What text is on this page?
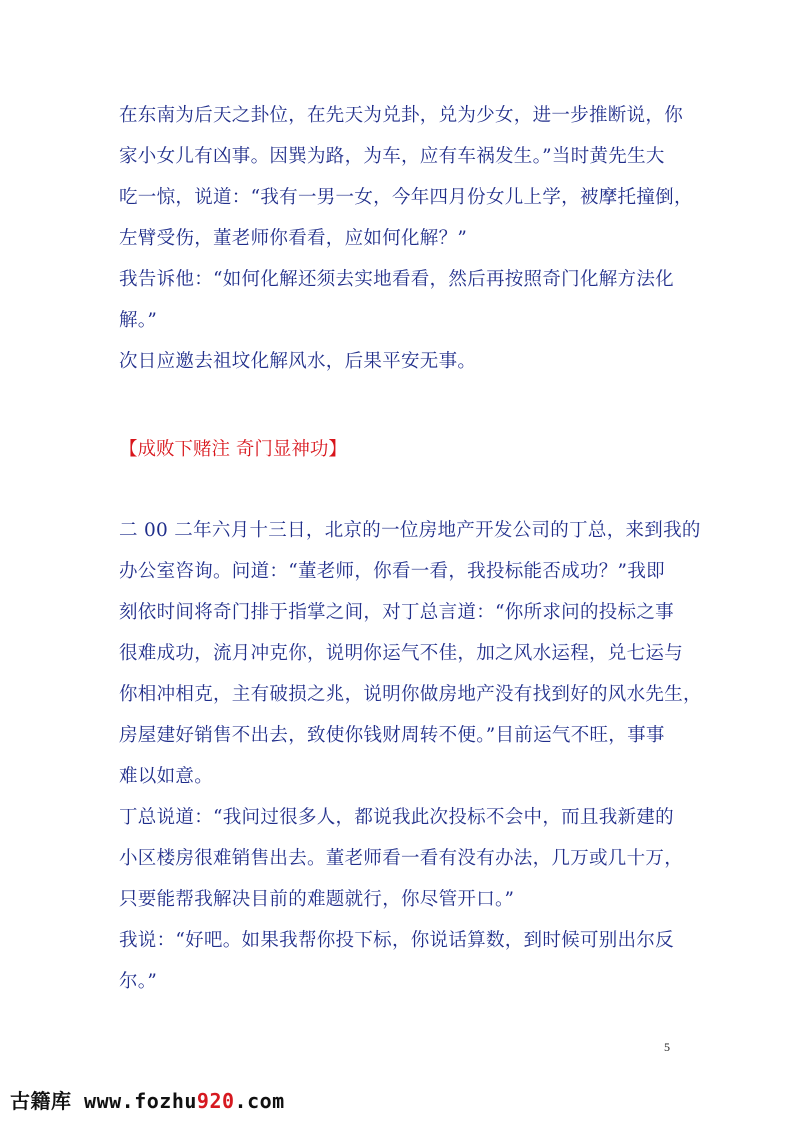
在东南为后天之卦位，在先天为兑卦，兑为少女，进一步推断说，你
家小女儿有凶事。因巽为路，为车，应有车祸发生。”当时黄先生大
吃一惊，说道：“我有一男一女，今年四月份女儿上学，被摩托撞倒，
左臂受伤，董老师你看看，应如何化解？”
我告诉他：“如何化解还须去实地看看，然后再按照奇门化解方法化
解。”
次日应邀去祖坟化解风水，后果平安无事。
【成败下赌注 奇门显神功】
二 00 二年六月十三日，北京的一位房地产开发公司的丁总，来到我的
办公室咨询。问道：“董老师，你看一看，我投标能否成功？”我即
刻依时间将奇门排于指掌之间，对丁总言道：“你所求问的投标之事
很难成功，流月冲克你，说明你运气不佳，加之风水运程，兑七运与
你相冲相克，主有破损之兆，说明你做房地产没有找到好的风水先生，
房屋建好销售不出去，致使你钱财周转不便。”目前运气不旺，事事
难以如意。
丁总说道：“我问过很多人，都说我此次投标不会中，而且我新建的
小区楼房很难销售出去。董老师看一看有没有办法，几万或几十万，
只要能帮我解决目前的难题就行，你尽管开口。”
我说：“好吧。如果我帮你投下标，你说话算数，到时候可别出尔反
尔。”
5
古籍库 www.fozhu920.com
